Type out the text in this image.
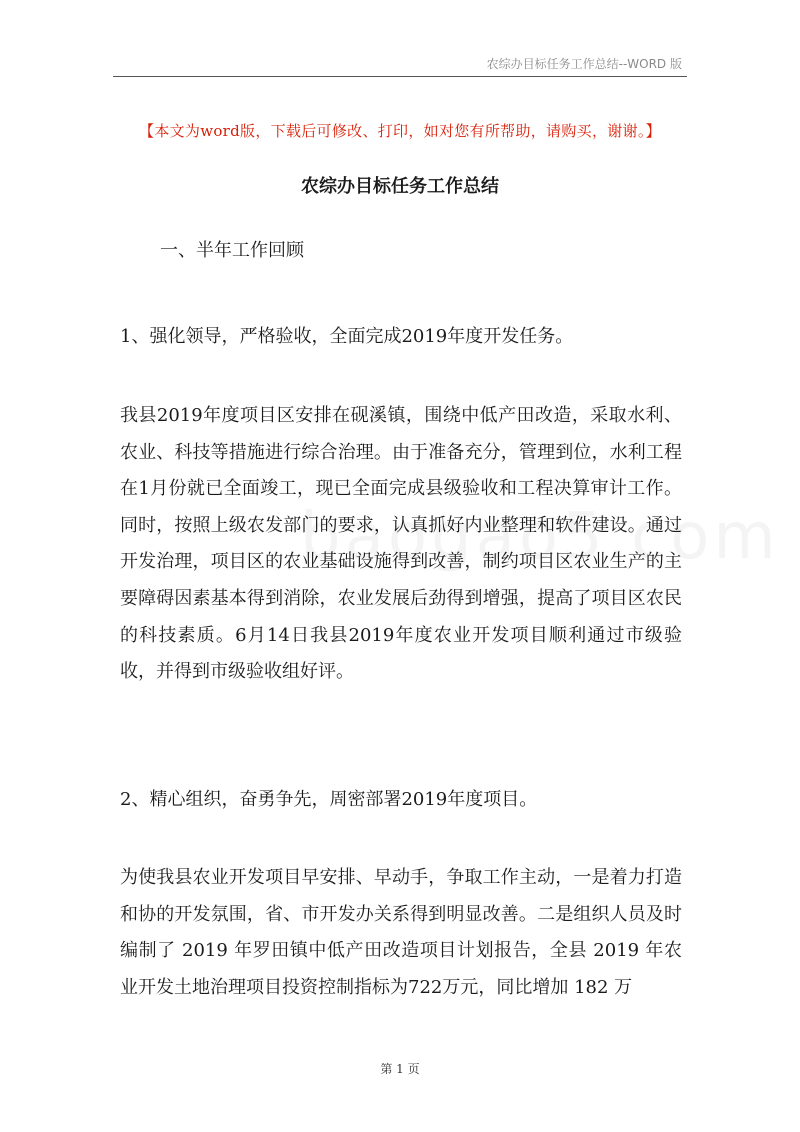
农综办目标任务工作总结--WORD 版
【本文为word版，下载后可修改、打印，如对您有所帮助，请购买，谢谢。】
农综办目标任务工作总结
一、半年工作回顾
1、强化领导，严格验收，全面完成2019年度开发任务。
我县2019年度项目区安排在砚溪镇，围绕中低产田改造，采取水利、农业、科技等措施进行综合治理。由于准备充分，管理到位，水利工程在1月份就已全面竣工，现已全面完成县级验收和工程决算审计工作。同时，按照上级农发部门的要求，认真抓好内业整理和软件建设。通过开发治理，项目区的农业基础设施得到改善，制约项目区农业生产的主要障碍因素基本得到消除，农业发展后劲得到增强，提高了项目区农民的科技素质。6月14日我县2019年度农业开发项目顺利通过市级验收，并得到市级验收组好评。
2、精心组织，奋勇争先，周密部署2019年度项目。
为使我县农业开发项目早安排、早动手，争取工作主动，一是着力打造和协的开发氛围，省、市开发办关系得到明显改善。二是组织人员及时编制了 2019 年罗田镇中低产田改造项目计划报告，全县 2019 年农业开发土地治理项目投资控制指标为722万元，同比增加 182 万
第 1 页
